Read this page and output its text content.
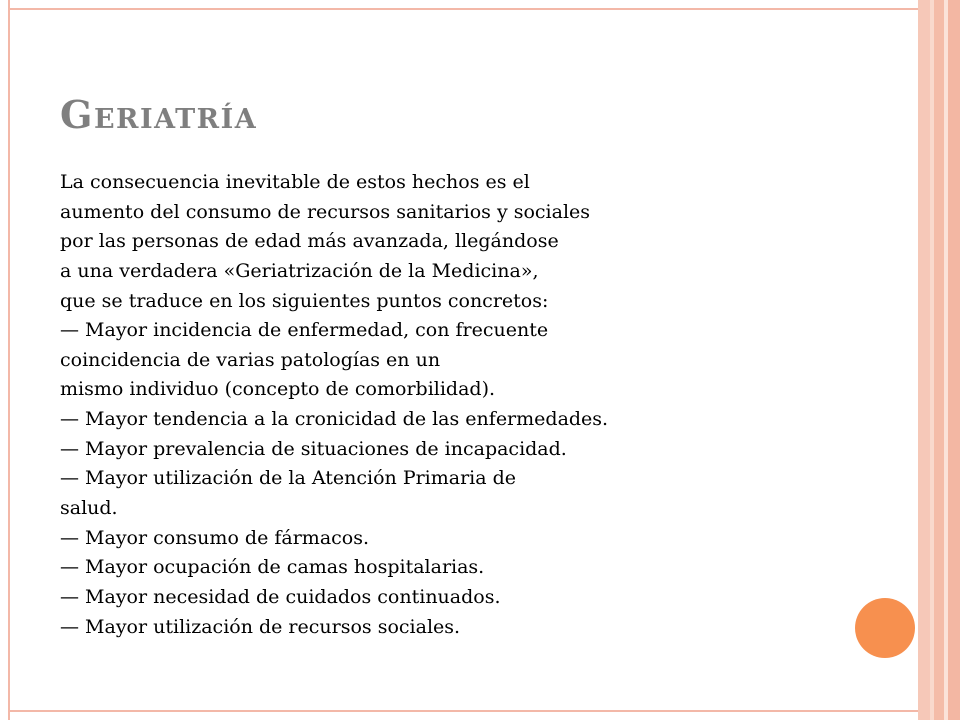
Geriatría
La consecuencia inevitable de estos hechos es el
aumento del consumo de recursos sanitarios y sociales
por las personas de edad más avanzada, llegándose
a una verdadera «Geriatrización de la Medicina»,
que se traduce en los siguientes puntos concretos:
— Mayor incidencia de enfermedad, con frecuente
coincidencia de varias patologías en un
mismo individuo (concepto de comorbilidad).
— Mayor tendencia a la cronicidad de las enfermedades.
— Mayor prevalencia de situaciones de incapacidad.
— Mayor utilización de la Atención Primaria de
salud.
— Mayor consumo de fármacos.
— Mayor ocupación de camas hospitalarias.
— Mayor necesidad de cuidados continuados.
— Mayor utilización de recursos sociales.
